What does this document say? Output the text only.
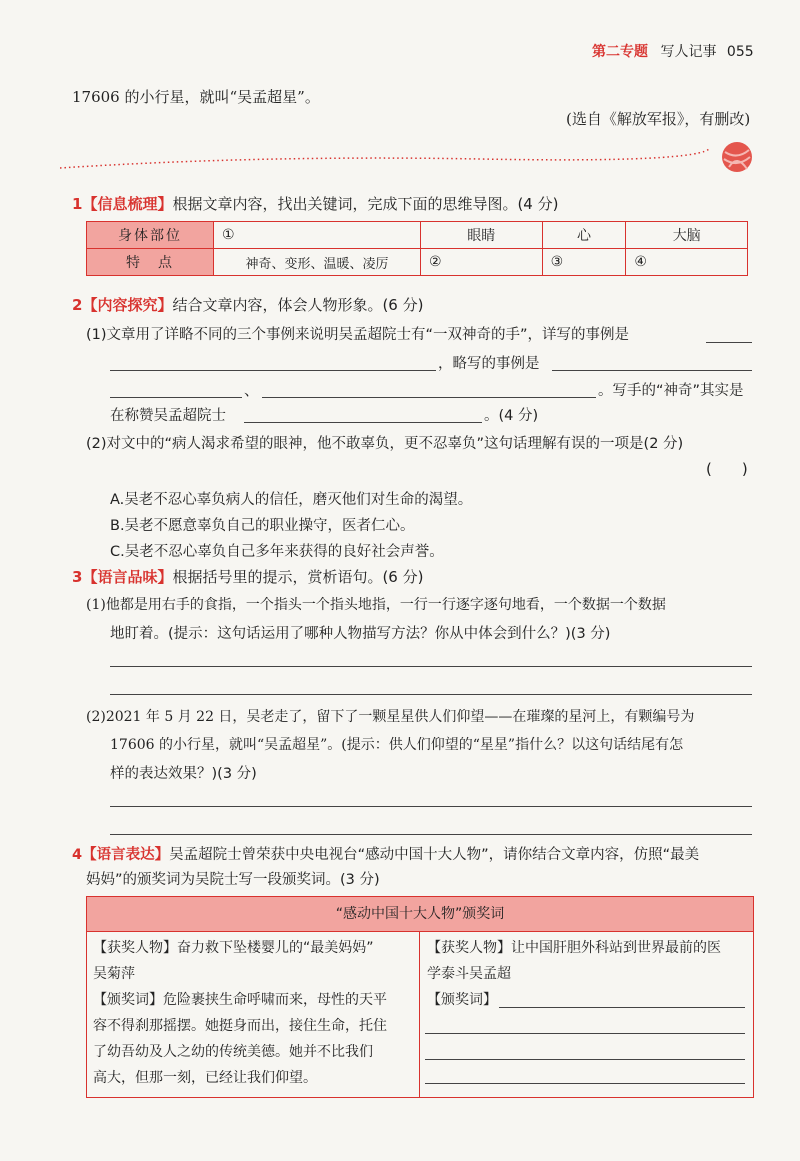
第二专题 写人记事 055
17606 的小行星，就叫“吴孟超星”。
(选自《解放军报》，有删改)
1【信息梳理】根据文章内容，找出关键词，完成下面的思维导图。(4 分)
身体部位	①	眼睛	心	大脑
特　点	神奇、变形、温暖、凌厉	②	③	④
2【内容探究】结合文章内容，体会人物形象。(6 分)
(1)文章用了详略不同的三个事例来说明吴孟超院士有“一双神奇的手”，详写的事例是
，略写的事例是
、	。写手的“神奇”其实是
在称赞吴孟超院士	。(4 分)
(2)对文中的“病人渴求希望的眼神，他不敢辜负，更不忍辜负”这句话理解有误的一项是(2 分)
(　　)
A.吴老不忍心辜负病人的信任，磨灭他们对生命的渴望。
B.吴老不愿意辜负自己的职业操守，医者仁心。
C.吴老不忍心辜负自己多年来获得的良好社会声誉。
3【语言品味】根据括号里的提示，赏析语句。(6 分)
(1)他都是用右手的食指，一个指头一个指头地指，一行一行逐字逐句地看，一个数据一个数据
地盯着。(提示：这句话运用了哪种人物描写方法？你从中体会到什么？)(3 分)
(2)2021 年 5 月 22 日，吴老走了，留下了一颗星星供人们仰望——在璀璨的星河上，有颗编号为
17606 的小行星，就叫“吴孟超星”。(提示：供人们仰望的“星星”指什么？以这句话结尾有怎
样的表达效果？)(3 分)
4【语言表达】吴孟超院士曾荣获中央电视台“感动中国十大人物”，请你结合文章内容，仿照“最美
妈妈”的颁奖词为吴院士写一段颁奖词。(3 分)
“感动中国十大人物”颁奖词
【获奖人物】奋力救下坠楼婴儿的“最美妈妈”
吴菊萍
【颁奖词】危险裹挟生命呼啸而来，母性的天平
容不得刹那摇摆。她挺身而出，接住生命，托住
了幼吾幼及人之幼的传统美德。她并不比我们
高大，但那一刻，已经让我们仰望。
【获奖人物】让中国肝胆外科站到世界最前的医
学泰斗吴孟超
【颁奖词】
